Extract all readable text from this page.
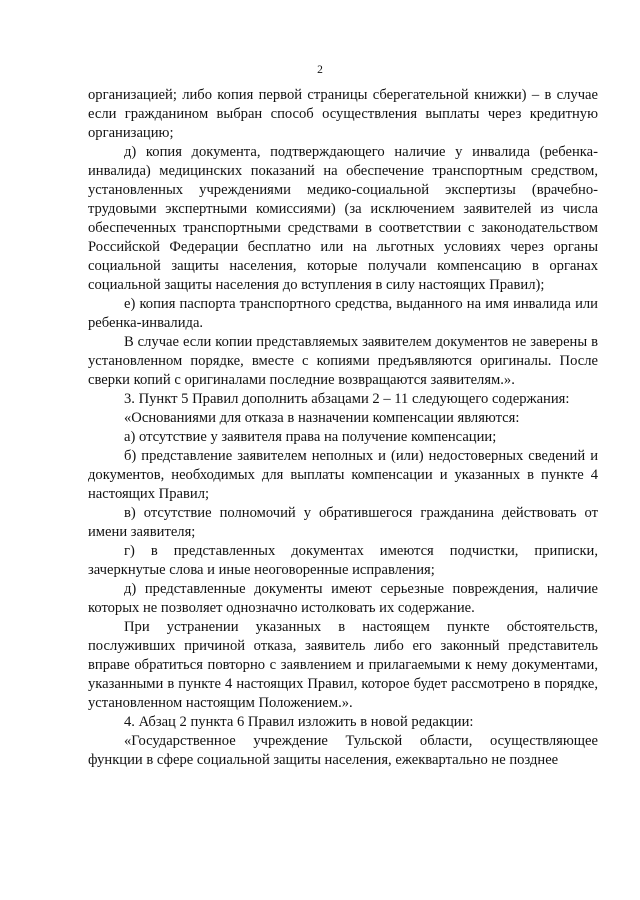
2

организацией; либо копия первой страницы сберегательной книжки) – в случае если гражданином выбран способ осуществления выплаты через кредитную организацию;

д) копия документа, подтверждающего наличие у инвалида (ребенка-инвалида) медицинских показаний на обеспечение транспортным средством, установленных учреждениями медико-социальной экспертизы (врачебно-трудовыми экспертными комиссиями) (за исключением заявителей из числа обеспеченных транспортными средствами в соответствии с законодательством Российской Федерации бесплатно или на льготных условиях через органы социальной защиты населения, которые получали компенсацию в органах социальной защиты населения до вступления в силу настоящих Правил);

е) копия паспорта транспортного средства, выданного на имя инвалида или ребенка-инвалида.

В случае если копии представляемых заявителем документов не заверены в установленном порядке, вместе с копиями предъявляются оригиналы. После сверки копий с оригиналами последние возвращаются заявителям.».

3. Пункт 5 Правил дополнить абзацами 2 – 11 следующего содержания:

«Основаниями для отказа в назначении компенсации являются:

а) отсутствие у заявителя права на получение компенсации;

б) представление заявителем неполных и (или) недостоверных сведений и документов, необходимых для выплаты компенсации и указанных в пункте 4 настоящих Правил;

в) отсутствие полномочий у обратившегося гражданина действовать от имени заявителя;

г) в представленных документах имеются подчистки, приписки, зачеркнутые слова и иные неоговоренные исправления;

д) представленные документы имеют серьезные повреждения, наличие которых не позволяет однозначно истолковать их содержание.

При устранении указанных в настоящем пункте обстоятельств, послуживших причиной отказа, заявитель либо его законный представитель вправе обратиться повторно с заявлением и прилагаемыми к нему документами, указанными в пункте 4 настоящих Правил, которое будет рассмотрено в порядке, установленном настоящим Положением.».

4. Абзац 2 пункта 6 Правил изложить в новой редакции:

«Государственное учреждение Тульской области, осуществляющее функции в сфере социальной защиты населения, ежеквартально не позднее
